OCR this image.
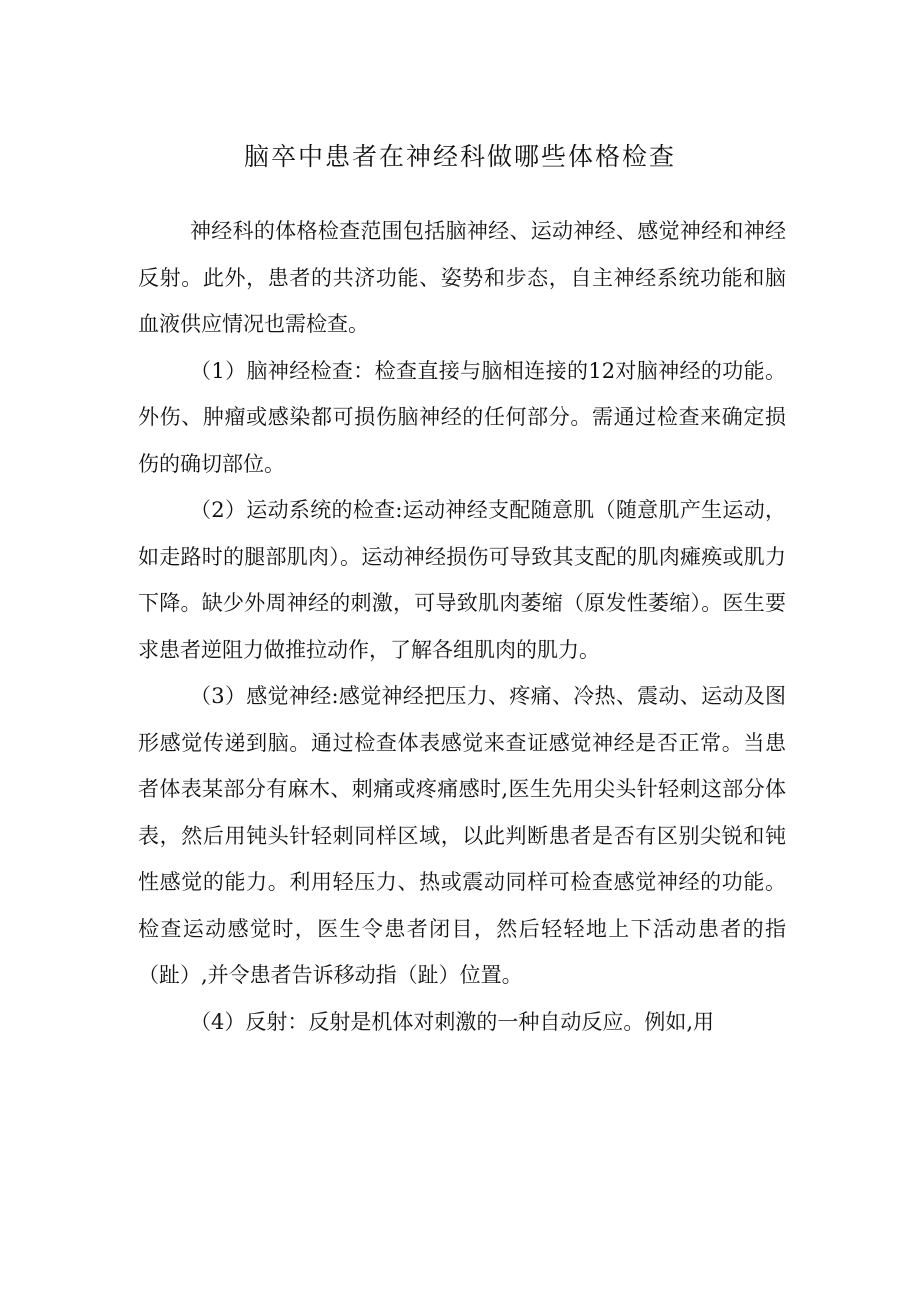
脑卒中患者在神经科做哪些体格检查

神经科的体格检查范围包括脑神经、运动神经、感觉神经和神经反射。此外，患者的共济功能、姿势和步态，自主神经系统功能和脑血液供应情况也需检查。

（1）脑神经检查：检查直接与脑相连接的12对脑神经的功能。外伤、肿瘤或感染都可损伤脑神经的任何部分。需通过检查来确定损伤的确切部位。

（2）运动系统的检查:运动神经支配随意肌（随意肌产生运动，如走路时的腿部肌肉）。运动神经损伤可导致其支配的肌肉瘫痪或肌力下降。缺少外周神经的刺激，可导致肌肉萎缩（原发性萎缩）。医生要求患者逆阻力做推拉动作，了解各组肌肉的肌力。

（3）感觉神经:感觉神经把压力、疼痛、冷热、震动、运动及图形感觉传递到脑。通过检查体表感觉来查证感觉神经是否正常。当患者体表某部分有麻木、刺痛或疼痛感时,医生先用尖头针轻刺这部分体表，然后用钝头针轻刺同样区域，以此判断患者是否有区别尖锐和钝性感觉的能力。利用轻压力、热或震动同样可检查感觉神经的功能。检查运动感觉时，医生令患者闭目，然后轻轻地上下活动患者的指（趾）,并令患者告诉移动指（趾）位置。

（4）反射：反射是机体对刺激的一种自动反应。例如,用
